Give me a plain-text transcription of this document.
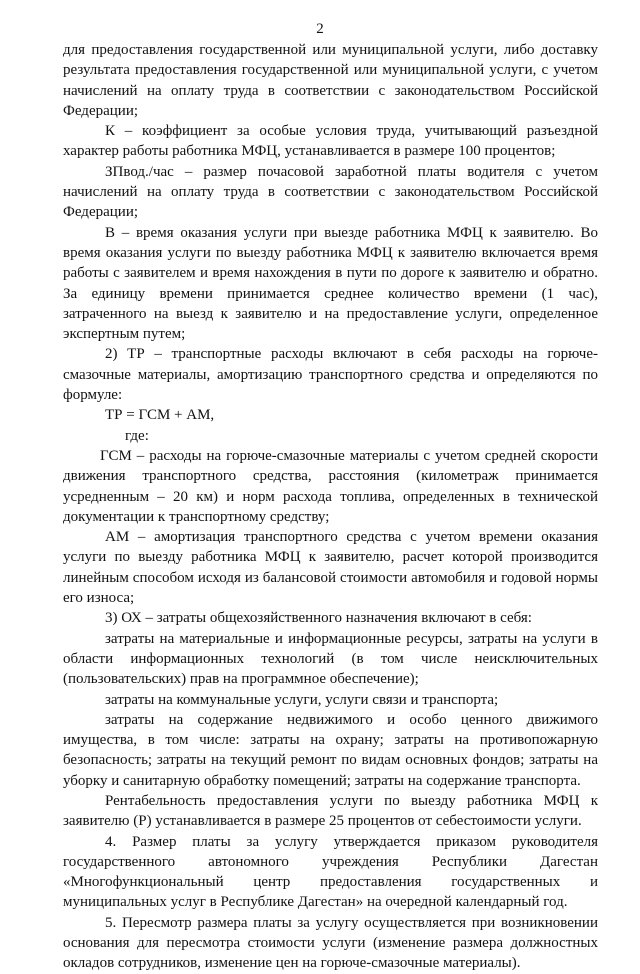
2

для предоставления государственной или муниципальной услуги, либо доставку результата предоставления государственной или муниципальной услуги, с учетом начислений на оплату труда в соответствии с законодательством Российской Федерации;

К – коэффициент за особые условия труда, учитывающий разъездной характер работы работника МФЦ, устанавливается в размере 100 процентов;

ЗПвод./час – размер почасовой заработной платы водителя с учетом начислений на оплату труда в соответствии с законодательством Российской Федерации;

В – время оказания услуги при выезде работника МФЦ к заявителю. Во время оказания услуги по выезду работника МФЦ к заявителю включается время работы с заявителем и время нахождения в пути по дороге к заявителю и обратно. За единицу времени принимается среднее количество времени (1 час), затраченного на выезд к заявителю и на предоставление услуги, определенное экспертным путем;

2) ТР – транспортные расходы включают в себя расходы на горюче-смазочные материалы, амортизацию транспортного средства и определяются по формуле:

ТР = ГСМ + АМ,

где:

ГСМ – расходы на горюче-смазочные материалы с учетом средней скорости движения транспортного средства, расстояния (километраж принимается усредненным – 20 км) и норм расхода топлива, определенных в технической документации к транспортному средству;

АМ – амортизация транспортного средства с учетом времени оказания услуги по выезду работника МФЦ к заявителю, расчет которой производится линейным способом исходя из балансовой стоимости автомобиля и годовой нормы его износа;

3) ОХ – затраты общехозяйственного назначения включают в себя:

затраты на материальные и информационные ресурсы, затраты на услуги в области информационных технологий (в том числе неисключительных (пользовательских) прав на программное обеспечение);

затраты на коммунальные услуги, услуги связи и транспорта;

затраты на содержание недвижимого и особо ценного движимого имущества, в том числе: затраты на охрану; затраты на противопожарную безопасность; затраты на текущий ремонт по видам основных фондов; затраты на уборку и санитарную обработку помещений; затраты на содержание транспорта.

Рентабельность предоставления услуги по выезду работника МФЦ к заявителю (Р) устанавливается в размере 25 процентов от себестоимости услуги.

4. Размер платы за услугу утверждается приказом руководителя государственного автономного учреждения Республики Дагестан «Многофункциональный центр предоставления государственных и муниципальных услуг в Республике Дагестан» на очередной календарный год.

5. Пересмотр размера платы за услугу осуществляется при возникновении основания для пересмотра стоимости услуги (изменение размера должностных окладов сотрудников, изменение цен на горюче-смазочные материалы).
